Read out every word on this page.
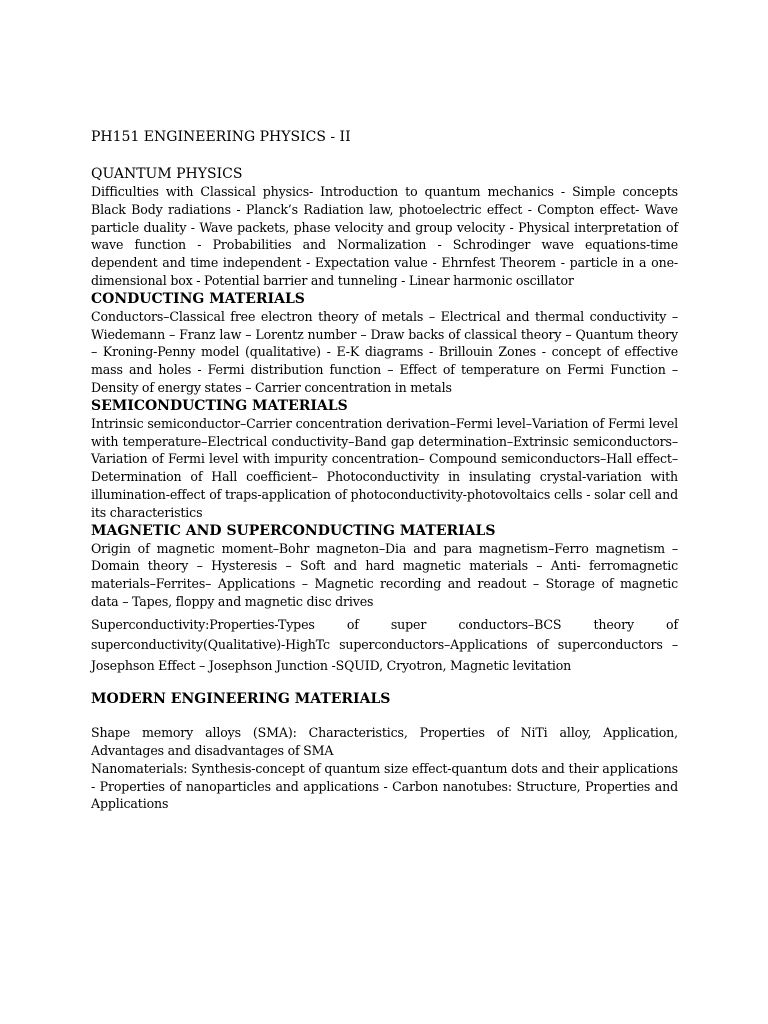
PH151 ENGINEERING PHYSICS - II
QUANTUM PHYSICS

Difficulties with Classical physics- Introduction to quantum mechanics - Simple concepts Black Body radiations - Planck’s Radiation law, photoelectric effect - Compton effect- Wave particle duality - Wave packets, phase velocity and group velocity - Physical interpretation of wave function - Probabilities and Normalization - Schrodinger wave equations-time dependent and time independent - Expectation value - Ehrnfest Theorem - particle in a one-dimensional box - Potential barrier and tunneling - Linear harmonic oscillator

CONDUCTING MATERIALS

Conductors–Classical free electron theory of metals – Electrical and thermal conductivity – Wiedemann – Franz law – Lorentz number – Draw backs of classical theory – Quantum theory – Kroning-Penny model (qualitative) - E-K diagrams - Brillouin Zones - concept of effective mass and holes - Fermi distribution function – Effect of temperature on Fermi Function – Density of energy states – Carrier concentration in metals

SEMICONDUCTING MATERIALS

Intrinsic semiconductor–Carrier concentration derivation–Fermi level–Variation of Fermi level with temperature–Electrical conductivity–Band gap determination–Extrinsic semiconductors–Variation of Fermi level with impurity concentration– Compound semiconductors–Hall effect–Determination of Hall coefficient– Photoconductivity in insulating crystal-variation with illumination-effect of traps-application of photoconductivity-photovoltaics cells - solar cell and its characteristics

MAGNETIC AND SUPERCONDUCTING MATERIALS

Origin of magnetic moment–Bohr magneton–Dia and para magnetism–Ferro magnetism – Domain theory – Hysteresis – Soft and hard magnetic materials – Anti- ferromagnetic materials–Ferrites– Applications – Magnetic recording and readout – Storage of magnetic data – Tapes, floppy and magnetic disc drives

Superconductivity:Properties-Types of super conductors–BCS theory of superconductivity(Qualitative)-HighTc superconductors–Applications of superconductors – Josephson Effect – Josephson Junction -SQUID, Cryotron, Magnetic levitation

MODERN ENGINEERING MATERIALS

Shape memory alloys (SMA): Characteristics, Properties of NiTi alloy, Application, Advantages and disadvantages of SMA

Nanomaterials: Synthesis-concept of quantum size effect-quantum dots and their applications - Properties of nanoparticles and applications - Carbon nanotubes: Structure, Properties and Applications
